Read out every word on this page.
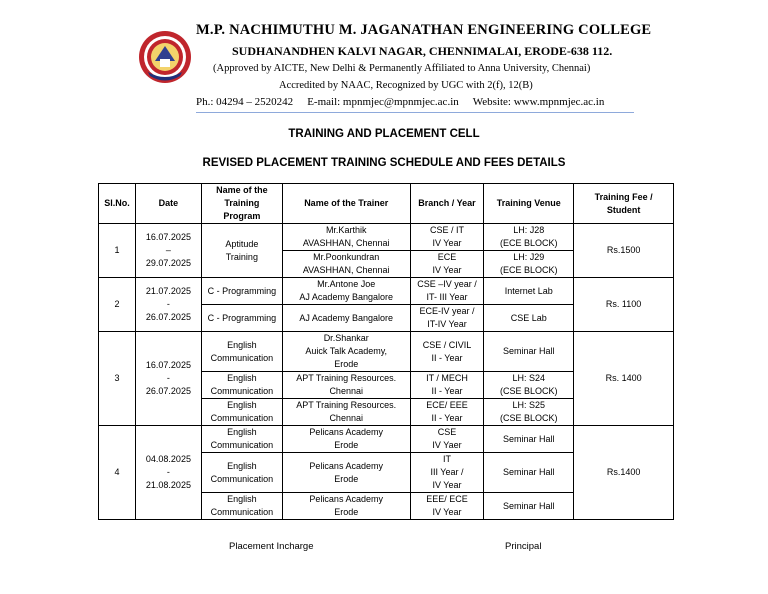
M.P. NACHIMUTHU M. JAGANATHAN ENGINEERING COLLEGE
SUDHANANDHEN KALVI NAGAR, CHENNIMALAI, ERODE-638 112.
(Approved by AICTE, New Delhi & Permanently Affiliated to Anna University, Chennai)
Accredited by NAAC, Recognized by UGC with 2(f), 12(B)
Ph.: 04294 – 2520242 E-mail: mpnmjec@mpnmjec.ac.in Website: www.mpnmjec.ac.in
TRAINING AND PLACEMENT CELL
REVISED PLACEMENT TRAINING SCHEDULE AND FEES DETAILS
Sl.No.	Date	Name of the
Training
Program	Name of the Trainer	Branch / Year	Training Venue	Training Fee /
Student

1	16.07.2025
–
29.07.2025	Aptitude
Training	Mr.Karthik
AVASHHAN, Chennai	CSE / IT
IV Year	LH: J28
(ECE BLOCK)	Rs.1500

			Mr.Poonkundran
AVASHHAN, Chennai	ECE
IV Year	LH: J29
(ECE BLOCK)	

2	21.07.2025
-
26.07.2025	C - Programming	Mr.Antone Joe
AJ Academy Bangalore	CSE –IV year /
IT- III Year	Internet Lab	Rs. 1100

		C - Programming	AJ Academy Bangalore	ECE-IV year /
IT-IV Year	CSE Lab	

3	16.07.2025
-
26.07.2025	English
Communication	Dr.Shankar
Auick Talk Academy,
Erode	CSE / CIVIL
II - Year	Seminar Hall	Rs. 1400

		English
Communication	APT Training Resources.
Chennai	IT / MECH
II - Year	LH: S24
(CSE BLOCK)	

		English
Communication	APT Training Resources.
Chennai	ECE/ EEE
II - Year	LH: S25
(CSE BLOCK)	

4	04.08.2025
-
21.08.2025	English
Communication	Pelicans Academy
Erode	CSE
IV Yaer	Seminar Hall	Rs.1400

		English
Communication	Pelicans Academy
Erode	IT
III Year /
IV Year	Seminar Hall	

		English
Communication	Pelicans Academy
Erode	EEE/ ECE
IV Year	Seminar Hall	
Placement Incharge	Principal
